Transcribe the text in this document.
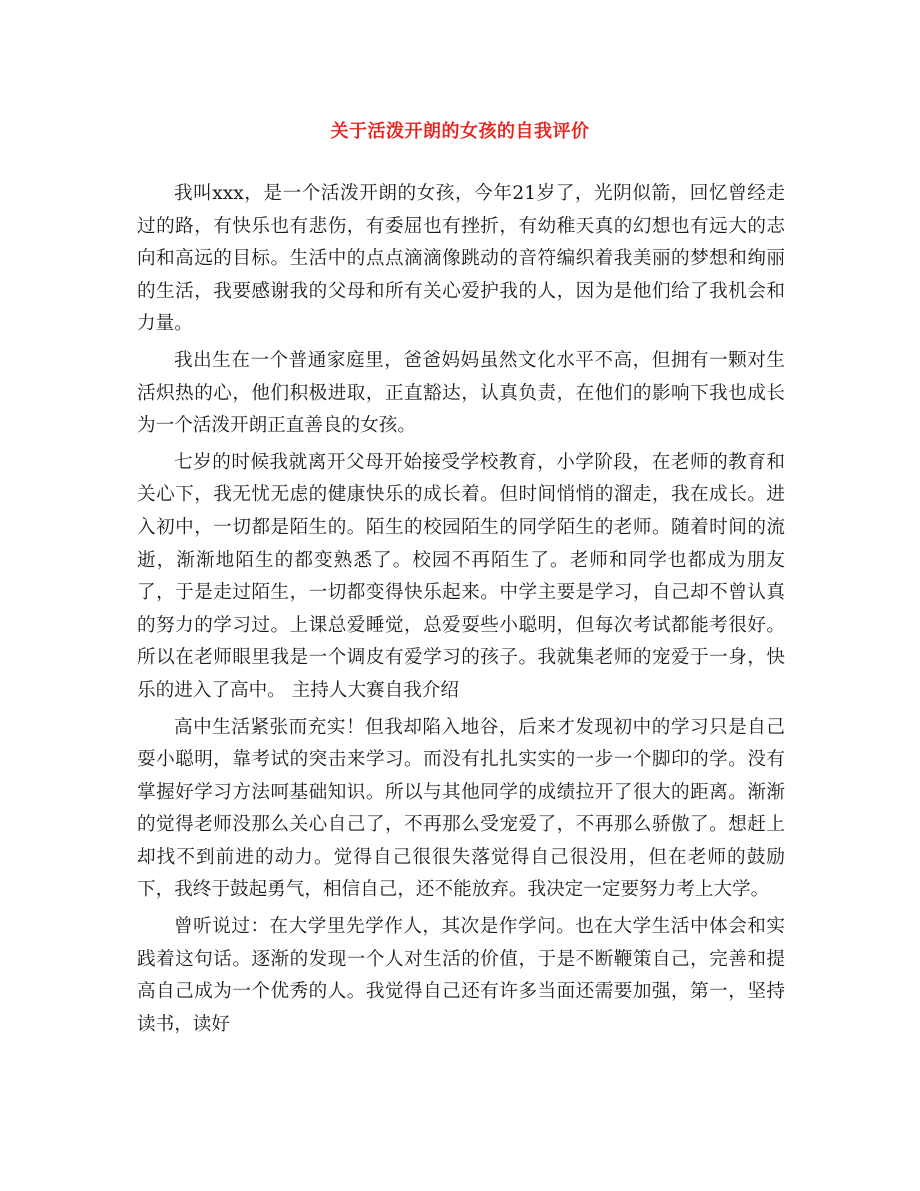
关于活泼开朗的女孩的自我评价

我叫xxx，是一个活泼开朗的女孩，今年21岁了，光阴似箭，回忆曾经走过的路，有快乐也有悲伤，有委屈也有挫折，有幼稚天真的幻想也有远大的志向和高远的目标。生活中的点点滴滴像跳动的音符编织着我美丽的梦想和绚丽的生活，我要感谢我的父母和所有关心爱护我的人，因为是他们给了我机会和力量。

我出生在一个普通家庭里，爸爸妈妈虽然文化水平不高，但拥有一颗对生活炽热的心，他们积极进取，正直豁达，认真负责，在他们的影响下我也成长为一个活泼开朗正直善良的女孩。

七岁的时候我就离开父母开始接受学校教育，小学阶段，在老师的教育和关心下，我无忧无虑的健康快乐的成长着。但时间悄悄的溜走，我在成长。进入初中，一切都是陌生的。陌生的校园陌生的同学陌生的老师。随着时间的流逝，渐渐地陌生的都变熟悉了。校园不再陌生了。老师和同学也都成为朋友了，于是走过陌生，一切都变得快乐起来。中学主要是学习，自己却不曾认真的努力的学习过。上课总爱睡觉，总爱耍些小聪明，但每次考试都能考很好。所以在老师眼里我是一个调皮有爱学习的孩子。我就集老师的宠爱于一身，快乐的进入了高中。 主持人大赛自我介绍

高中生活紧张而充实！但我却陷入地谷，后来才发现初中的学习只是自己耍小聪明，靠考试的突击来学习。而没有扎扎实实的一步一个脚印的学。没有掌握好学习方法呵基础知识。所以与其他同学的成绩拉开了很大的距离。渐渐的觉得老师没那么关心自己了，不再那么受宠爱了，不再那么骄傲了。想赶上却找不到前进的动力。觉得自己很很失落觉得自己很没用，但在老师的鼓励下，我终于鼓起勇气，相信自己，还不能放弃。我决定一定要努力考上大学。

曾听说过：在大学里先学作人，其次是作学问。也在大学生活中体会和实践着这句话。逐渐的发现一个人对生活的价值，于是不断鞭策自己，完善和提高自己成为一个优秀的人。我觉得自己还有许多当面还需要加强，第一，坚持读书，读好
